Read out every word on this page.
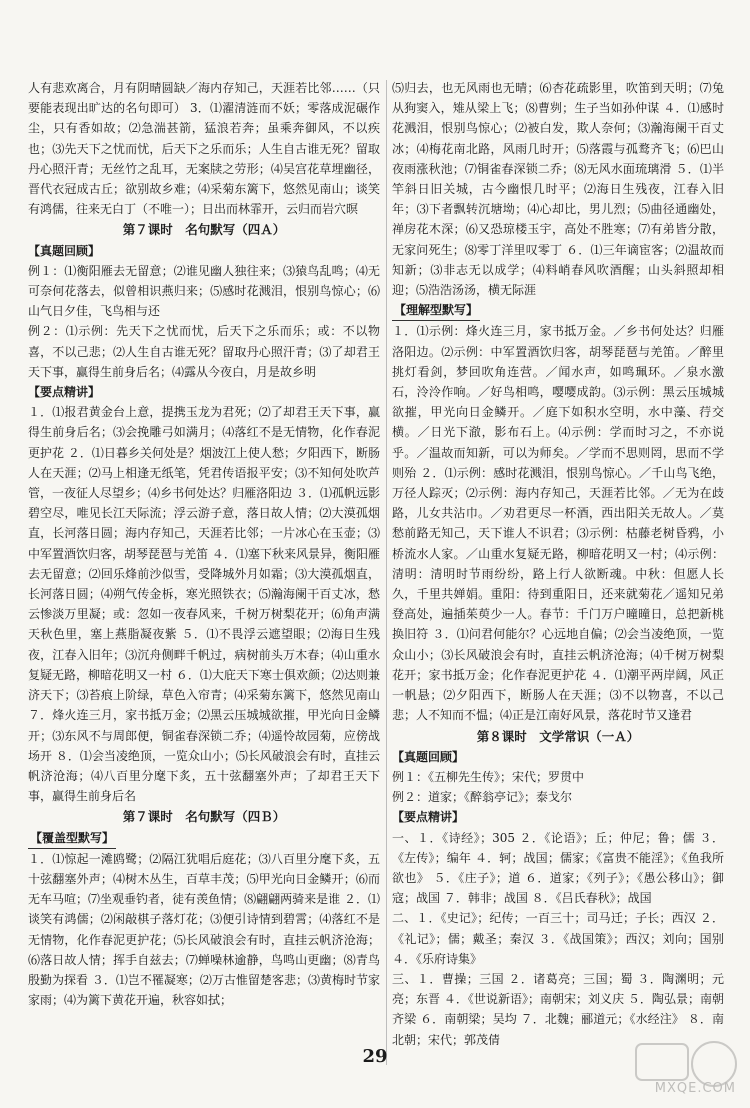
人有悲欢离合，月有阴晴圆缺／海内存知己，天涯若比邻……（只要能表现出旷达的名句即可） 3．⑴濯清涟而不妖；零落成泥碾作尘，只有香如故；⑵急湍甚箭，猛浪若奔；虽乘奔御风，不以疾也；⑶先天下之忧而忧，后天下之乐而乐；人生自古谁无死？留取丹心照汗青；无丝竹之乱耳，无案牍之劳形；⑷吴宫花草埋幽径，晋代衣冠成古丘；欲别故乡难；⑷采菊东篱下，悠然见南山；谈笑有鸿儒，往来无白丁（不唯一）；日出而林霏开，云归而岩穴暝

第７课时　名句默写（四Ａ）
【真题回顾】

例１：⑴衡阳雁去无留意；⑵谁见幽人独往来；⑶猿鸟乱鸣；⑷无可奈何花落去，似曾相识燕归来；⑸感时花溅泪，恨别鸟惊心；⑹山气日夕佳，飞鸟相与还

例２：⑴示例：先天下之忧而忧，后天下之乐而乐；或：不以物喜，不以己悲；⑵人生自古谁无死？留取丹心照汗青；⑶了却君王天下事，赢得生前身后名；⑷露从今夜白，月是故乡明

【要点精讲】

１．⑴报君黄金台上意，提携玉龙为君死；⑵了却君王天下事，赢得生前身后名；⑶会挽雕弓如满月；⑷落红不是无情物，化作春泥更护花 ２．⑴日暮乡关何处是？烟波江上使人愁；夕阳西下，断肠人在天涯；⑵马上相逢无纸笔，凭君传语报平安；⑶不知何处吹芦管，一夜征人尽望乡；⑷乡书何处达？归雁洛阳边 ３．⑴孤帆远影碧空尽，唯见长江天际流；浮云游子意，落日故人情；⑵大漠孤烟直，长河落日圆；海内存知己，天涯若比邻；一片冰心在玉壶；⑶中军置酒饮归客，胡琴琵琶与羌笛 ４．⑴塞下秋来风景异，衡阳雁去无留意；⑵回乐烽前沙似雪，受降城外月如霜；⑶大漠孤烟直，长河落日圆；⑷朔气传金柝，寒光照铁衣；⑸瀚海阑干百丈冰，愁云惨淡万里凝；或：忽如一夜春风来，千树万树梨花开；⑹角声满天秋色里，塞上燕脂凝夜紫 ５．⑴不畏浮云遮望眼；⑵海日生残夜，江春入旧年；⑶沉舟侧畔千帆过，病树前头万木春；⑷山重水复疑无路，柳暗花明又一村 ６．⑴大庇天下寒士俱欢颜；⑵达则兼济天下；⑶苔痕上阶绿，草色入帘青；⑷采菊东篱下，悠然见南山 ７．烽火连三月，家书抵万金；⑵黑云压城城欲摧，甲光向日金鳞开；⑶东风不与周郎便，铜雀春深锁二乔；⑷遥怜故园菊，应傍战场开 ８．⑴会当凌绝顶，一览众山小；⑸长风破浪会有时，直挂云帆济沧海；⑷八百里分麾下炙，五十弦翻塞外声；了却君王天下事，赢得生前身后名

第７课时　名句默写（四Ｂ）
【覆盖型默写】

１．⑴惊起一滩鸥鹭；⑵隔江犹唱后庭花；⑶八百里分麾下炙，五十弦翻塞外声；⑷树木丛生，百草丰茂；⑸甲光向日金鳞开；⑹而无车马喧；⑺坐观垂钓者，徒有羡鱼情；⑻翩翩两骑来是谁 ２．⑴谈笑有鸿儒；⑵闲敲棋子落灯花；⑶便引诗情到碧霄；⑷落红不是无情物，化作春泥更护花；⑸长风破浪会有时，直挂云帆济沧海；⑹落日故人情；挥手自兹去；⑺蝉噪林逾静，鸟鸣山更幽；⑻青鸟殷勤为探看 ３．⑴岂不罹凝寒；⑵万古惟留楚客悲；⑶黄梅时节家家雨；⑷为篱下黄花开遍，秋容如拭；

⑸归去，也无风雨也无晴；⑹杏花疏影里，吹笛到天明；⑺兔从狗窦入，雉从梁上飞；⑻曹刿；生子当如孙仲谋 ４．⑴感时花溅泪，恨别鸟惊心；⑵被白发，欺人奈何；⑶瀚海阑干百丈冰；⑷梅花南北路，风雨几时开；⑸落霞与孤鹜齐飞；⑹巴山夜雨涨秋池；⑺铜雀春深锁二乔；⑻无风水面琉璃滑 ５．⑴半竿斜日旧关城，古今幽恨几时平；⑵海日生残夜，江春入旧年；⑶下者飘转沉塘坳；⑷心却比，男儿烈；⑸曲径通幽处，禅房花木深；⑹又恐琼楼玉宇，高处不胜寒；⑺有弟皆分散，无家问死生；⑻零丁洋里叹零丁 ６．⑴三年谪宦客；⑵温故而知新；⑶非志无以成学；⑷料峭春风吹酒醒；山头斜照却相迎；⑸浩浩汤汤，横无际涯

【理解型默写】

１．⑴示例：烽火连三月，家书抵万金。／乡书何处达？归雁洛阳边。⑵示例：中军置酒饮归客，胡琴琵琶与羌笛。／醉里挑灯看剑，梦回吹角连营。／闻水声，如鸣珮环。／泉水激石，泠泠作响。／好鸟相鸣，嘤嘤成韵。⑶示例：黑云压城城欲摧，甲光向日金鳞开。／庭下如积水空明，水中藻、荇交横。／日光下澈，影布石上。⑷示例：学而时习之，不亦说乎。／温故而知新，可以为师矣。／学而不思则罔，思而不学则殆 ２．⑴示例：感时花溅泪，恨别鸟惊心。／千山鸟飞绝，万径人踪灭；⑵示例：海内存知己，天涯若比邻。／无为在歧路，儿女共沾巾。／劝君更尽一杯酒，西出阳关无故人。／莫愁前路无知己，天下谁人不识君；⑶示例：枯藤老树昏鸦，小桥流水人家。／山重水复疑无路，柳暗花明又一村；⑷示例：清明：清明时节雨纷纷，路上行人欲断魂。中秋：但愿人长久，千里共婵娟。重阳：待到重阳日，还来就菊花／遥知兄弟登高处，遍插茱萸少一人。春节：千门万户曈曈日，总把新桃换旧符 ３．⑴问君何能尔？心远地自偏；⑵会当凌绝顶，一览众山小；⑶长风破浪会有时，直挂云帆济沧海；⑷千树万树梨花开；家书抵万金；化作春泥更护花 ４．⑴潮平两岸阔，风正一帆悬；⑵夕阳西下，断肠人在天涯；⑶不以物喜，不以己悲；人不知而不愠；⑷正是江南好风景，落花时节又逢君

第８课时　文学常识（一Ａ）
【真题回顾】

例１：《五柳先生传》；宋代；罗贯中

例２：道家；《醉翁亭记》；泰戈尔

【要点精讲】

一、１．《诗经》；305 ２．《论语》；丘；仲尼；鲁；儒 ３．《左传》；编年 ４．轲；战国；儒家；《富贵不能淫》；《鱼我所欲也》 ５．《庄子》；道 ６．道家；《列子》；《愚公移山》；御寇；战国 ７．韩非；战国 ８．《吕氏春秋》；战国

二、１．《史记》；纪传；一百三十；司马迁；子长；西汉 ２．《礼记》；儒；戴圣；秦汉 ３．《战国策》；西汉；刘向；国别 ４．《乐府诗集》

三、１．曹操；三国 ２．诸葛亮；三国；蜀 ３．陶渊明；元亮；东晋 ４．《世说新语》；南朝宋；刘义庆 ５．陶弘景；南朝齐梁 ６．南朝梁；吴均 ７．北魏；郦道元；《水经注》 ８．南北朝；宋代；郭茂倩

29
MXQE.COM
